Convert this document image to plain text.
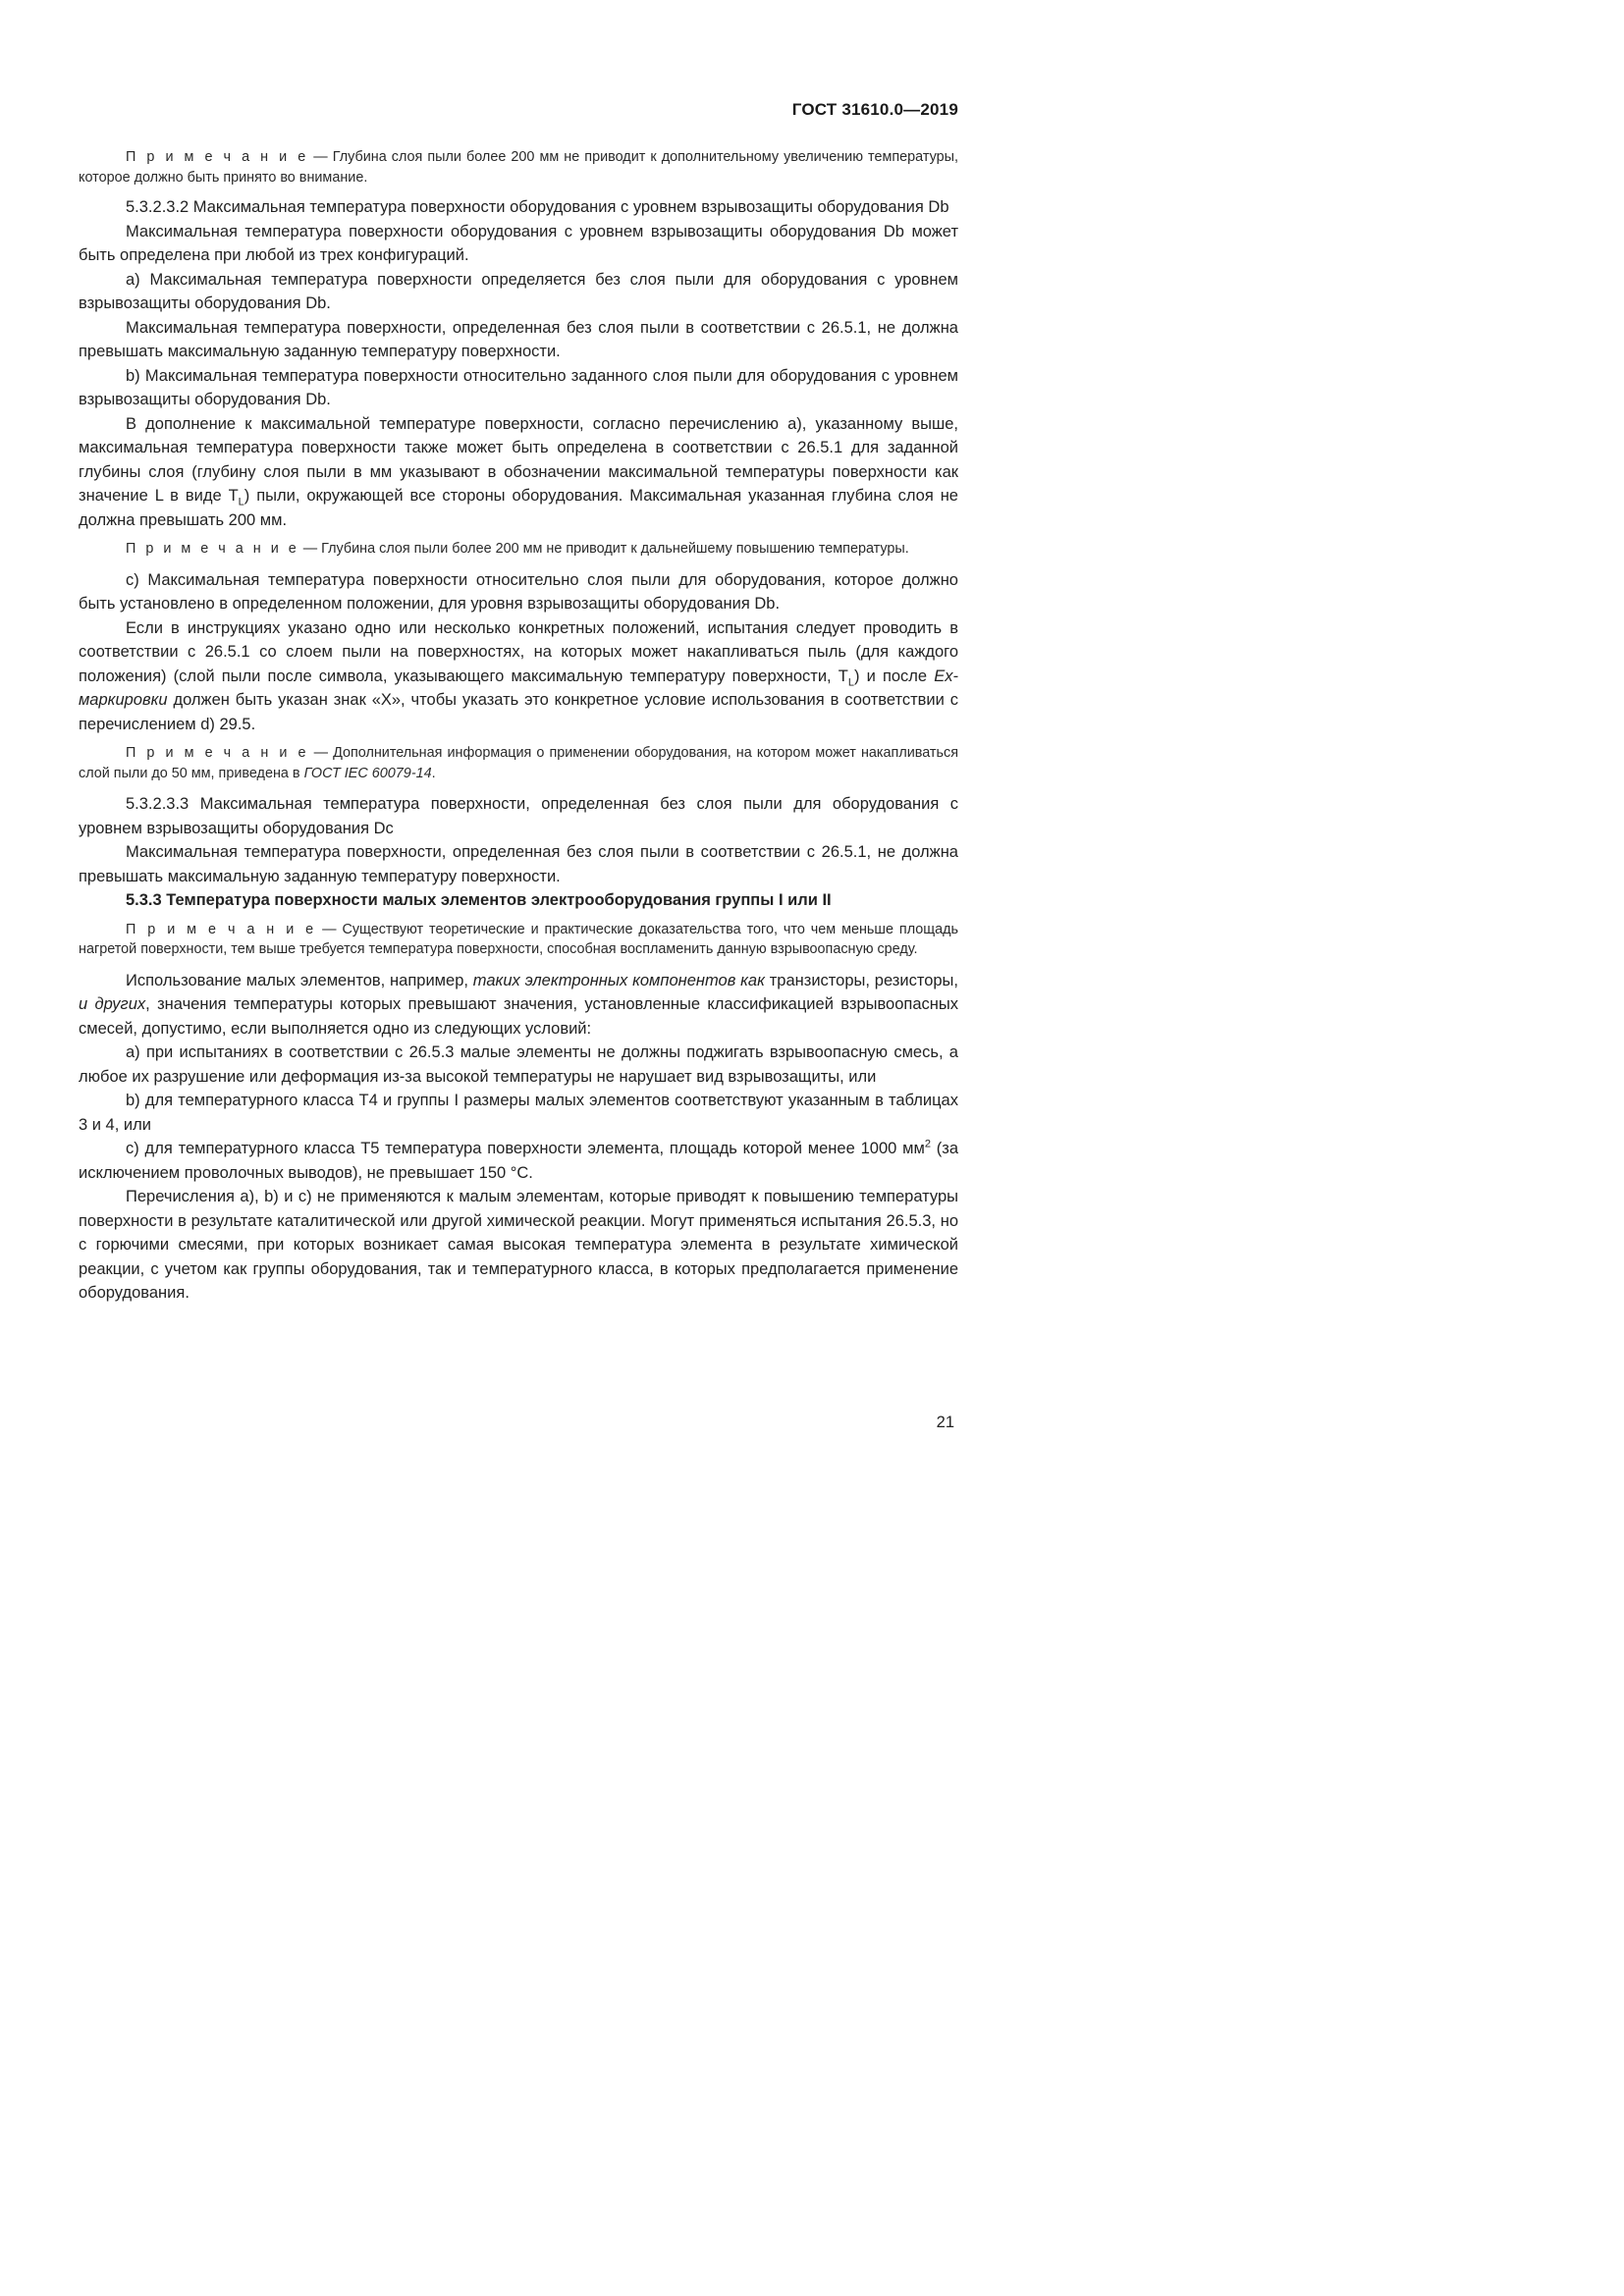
ГОСТ 31610.0—2019

П р и м е ч а н и е — Глубина слоя пыли более 200 мм не приводит к дополнительному увеличению температуры, которое должно быть принято во внимание.

5.3.2.3.2 Максимальная температура поверхности оборудования с уровнем взрывозащиты оборудования Db

Максимальная температура поверхности оборудования с уровнем взрывозащиты оборудования Db может быть определена при любой из трех конфигураций.

a) Максимальная температура поверхности определяется без слоя пыли для оборудования с уровнем взрывозащиты оборудования Db.

Максимальная температура поверхности, определенная без слоя пыли в соответствии с 26.5.1, не должна превышать максимальную заданную температуру поверхности.

b) Максимальная температура поверхности относительно заданного слоя пыли для оборудования с уровнем взрывозащиты оборудования Db.

В дополнение к максимальной температуре поверхности, согласно перечислению a), указанному выше, максимальная температура поверхности также может быть определена в соответствии с 26.5.1 для заданной глубины слоя (глубину слоя пыли в мм указывают в обозначении максимальной температуры поверхности как значение L в виде $T_L$) пыли, окружающей все стороны оборудования. Максимальная указанная глубина слоя не должна превышать 200 мм.

П р и м е ч а н и е — Глубина слоя пыли более 200 мм не приводит к дальнейшему повышению температуры.

c) Максимальная температура поверхности относительно слоя пыли для оборудования, которое должно быть установлено в определенном положении, для уровня взрывозащиты оборудования Db.

Если в инструкциях указано одно или несколько конкретных положений, испытания следует проводить в соответствии с 26.5.1 со слоем пыли на поверхностях, на которых может накапливаться пыль (для каждого положения) (слой пыли после символа, указывающего максимальную температуру поверхности, $T_L$) и после Ex-маркировки должен быть указан знак «X», чтобы указать это конкретное условие использования в соответствии с перечислением d) 29.5.

П р и м е ч а н и е — Дополнительная информация о применении оборудования, на котором может накапливаться слой пыли до 50 мм, приведена в ГОСТ IEC 60079-14.

5.3.2.3.3 Максимальная температура поверхности, определенная без слоя пыли для оборудования с уровнем взрывозащиты оборудования Dc

Максимальная температура поверхности, определенная без слоя пыли в соответствии с 26.5.1, не должна превышать максимальную заданную температуру поверхности.

5.3.3 Температура поверхности малых элементов электрооборудования группы I или II

П р и м е ч а н и е — Существуют теоретические и практические доказательства того, что чем меньше площадь нагретой поверхности, тем выше требуется температура поверхности, способная воспламенить данную взрывоопасную среду.

Использование малых элементов, например, таких электронных компонентов как транзисторы, резисторы, и других, значения температуры которых превышают значения, установленные классификацией взрывоопасных смесей, допустимо, если выполняется одно из следующих условий:

a) при испытаниях в соответствии с 26.5.3 малые элементы не должны поджигать взрывоопасную смесь, а любое их разрушение или деформация из-за высокой температуры не нарушает вид взрывозащиты, или

b) для температурного класса T4 и группы I размеры малых элементов соответствуют указанным в таблицах 3 и 4, или

c) для температурного класса T5 температура поверхности элемента, площадь которой менее 1000 $мм^2$ (за исключением проволочных выводов), не превышает 150 °C.

Перечисления a), b) и c) не применяются к малым элементам, которые приводят к повышению температуры поверхности в результате каталитической или другой химической реакции. Могут применяться испытания 26.5.3, но с горючими смесями, при которых возникает самая высокая температура элемента в результате химической реакции, с учетом как группы оборудования, так и температурного класса, в которых предполагается применение оборудования.

21
